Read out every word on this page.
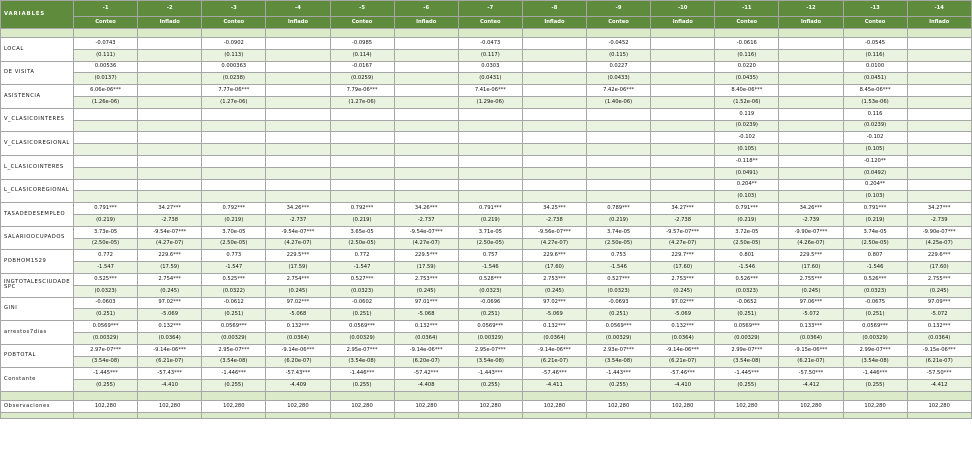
VARIABLES	-1	-2	-3	-4	-5	-6	-7	-8	-9	-10	-11	-12	-13	-14
	Conteo	Inflado	Conteo	Inflado	Conteo	Inflado	Conteo	Inflado	Conteo	Inflado	Conteo	Inflado	Conteo	Inflado

LOCAL	-0.0743		-0.0902		-0.0985		-0.0473		-0.0452		-0.0616		-0.0545	
	(0.111)		(0.113)		(0.114)		(0.117)		(0.115)		(0.116)		(0.116)	
DE VISITA	0.00536		0.000363		-0.0167		0.0303		0.0227		0.0220		0.0100	
	(0.0137)		(0.0238)		(0.0259)		(0.0431)		(0.0433)		(0.0435)		(0.0451)	
ASISTENCIA	6.06e-06***		7.77e-06***		7.79e-06***		7.41e-06***		7.42e-06***		8.40e-06***		8.45e-06***	
	(1.26e-06)		(1.27e-06)		(1.27e-06)		(1.29e-06)		(1.40e-06)		(1.52e-06)		(1.53e-06)	
V_CLASICOINTERES											0.119		0.116	
											(0.0239)		(0.0239)	
V_CLASICOREGIONAL											-0.102		-0.102	
											(0.105)		(0.105)	
L_CLASICOINTERES											-0.118**		-0.120**	
											(0.0491)		(0.0492)	
L_CLASICOREGIONAL											0.204**		0.204**	
											(0.103)		(0.103)	
TASADEDESEMPLEO	0.791***	34.27***	0.792***	34.26***	0.792***	34.26***	0.791***	34.25***	0.789***	34.27***	0.791***	34.26***	0.791***	34.27***
	(0.219)	-2.738	(0.219)	-2.737	(0.219)	-2.737	(0.219)	-2.738	(0.219)	-2.738	(0.219)	-2.739	(0.219)	-2.739
SALARIOOCUPADOS	3.73e-05	-9.54e-07***	3.70e-05	-9.54e-07***	3.65e-05	-9.54e-07***	3.71e-05	-9.56e-07***	3.74e-05	-9.57e-07***	3.72e-05	-9.90e-07***	3.74e-05	-9.90e-07***
	(2.50e-05)	(4.27e-07)	(2.50e-05)	(4.27e-07)	(2.50e-05)	(4.27e-07)	(2.50e-05)	(4.27e-07)	(2.50e-05)	(4.27e-07)	(2.50e-05)	(4.26e-07)	(2.50e-05)	(4.25e-07)
POBHOM1529	0.772	229.6***	0.773	229.5***	0.772	229.5***	0.757	229.6***	0.753	229.7***	0.801	229.5***	0.807	229.6***
	-1.547	(17.59)	-1.547	(17.59)	-1.547	(17.59)	-1.546	(17.60)	-1.546	(17.60)	-1.546	(17.60)	-1.546	(17.60)
INGTOTALESCIUDADESPC	0.525***	2.754***	0.525***	2.754***	0.527***	2.753***	0.528***	2.753***	0.527***	2.753***	0.526***	2.755***	0.526***	2.755***
	(0.0323)	(0.245)	(0.0322)	(0.245)	(0.0323)	(0.245)	(0.0323)	(0.245)	(0.0323)	(0.245)	(0.0323)	(0.245)	(0.0323)	(0.245)
GINI	-0.0603	97.02***	-0.0612	97.02***	-0.0602	97.01***	-0.0696	97.02***	-0.0693	97.02***	-0.0652	97.06***	-0.0675	97.09***
	(0.251)	-5.069	(0.251)	-5.068	(0.251)	-5.068	(0.251)	-5.069	(0.251)	-5.069	(0.251)	-5.072	(0.251)	-5.072
arrestos7dias	0.0569***	0.132***	0.0569***	0.132***	0.0569***	0.132***	0.0569***	0.132***	0.0569***	0.132***	0.0569***	0.133***	0.0569***	0.132***
	(0.00329)	(0.0364)	(0.00329)	(0.0364)	(0.00329)	(0.0364)	(0.00329)	(0.0364)	(0.00329)	(0.0364)	(0.00329)	(0.0364)	(0.00329)	(0.0364)
POBTOTAL	2.97e-07***	-9.14e-06***	2.95e-07***	-9.14e-06***	2.95e-07***	-9.14e-06***	2.95e-07***	-9.14e-06***	2.93e-07***	-9.14e-06***	2.99e-07***	-9.15e-06***	2.99e-07***	-9.15e-06***
	(3.54e-08)	(6.21e-07)	(3.54e-08)	(6.20e-07)	(3.54e-08)	(6.20e-07)	(3.54e-08)	(6.21e-07)	(3.54e-08)	(6.21e-07)	(3.54e-08)	(6.21e-07)	(3.54e-08)	(6.21e-07)
Constante	-1.445***	-57.43***	-1.446***	-57.43***	-1.446***	-57.42***	-1.443***	-57.46***	-1.443***	-57.46***	-1.445***	-57.50***	-1.446***	-57.50***
	(0.255)	-4.410	(0.255)	-4.409	(0.255)	-4.408	(0.255)	-4.411	(0.255)	-4.410	(0.255)	-4.412	(0.255)	-4.412

Observaciones	102,280	102,280	102,280	102,280	102,280	102,280	102,280	102,280	102,280	102,280	102,280	102,280	102,280	102,280
